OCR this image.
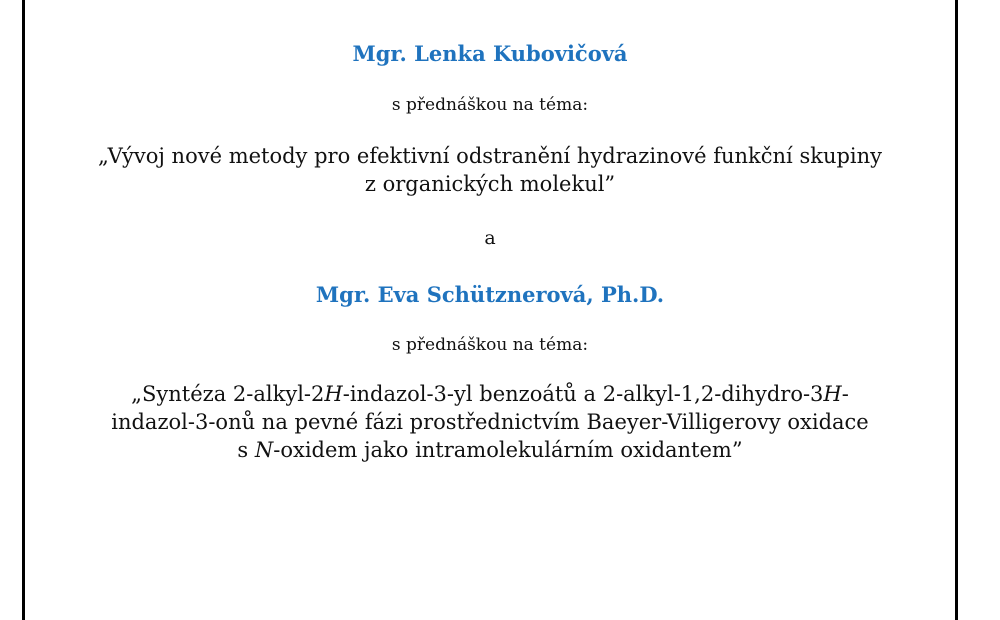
Mgr. Lenka Kubovičová
s přednáškou na téma:
„Vývoj nové metody pro efektivní odstranění hydrazinové funkční skupiny
z organických molekul”
a
Mgr. Eva Schütznerová, Ph.D.
s přednáškou na téma:
„Syntéza 2-alkyl-2H-indazol-3-yl benzoátů a 2-alkyl-1,2-dihydro-3H-
indazol-3-onů na pevné fázi prostřednictvím Baeyer-Villigerovy oxidace
s N-oxidem jako intramolekulárním oxidantem”
